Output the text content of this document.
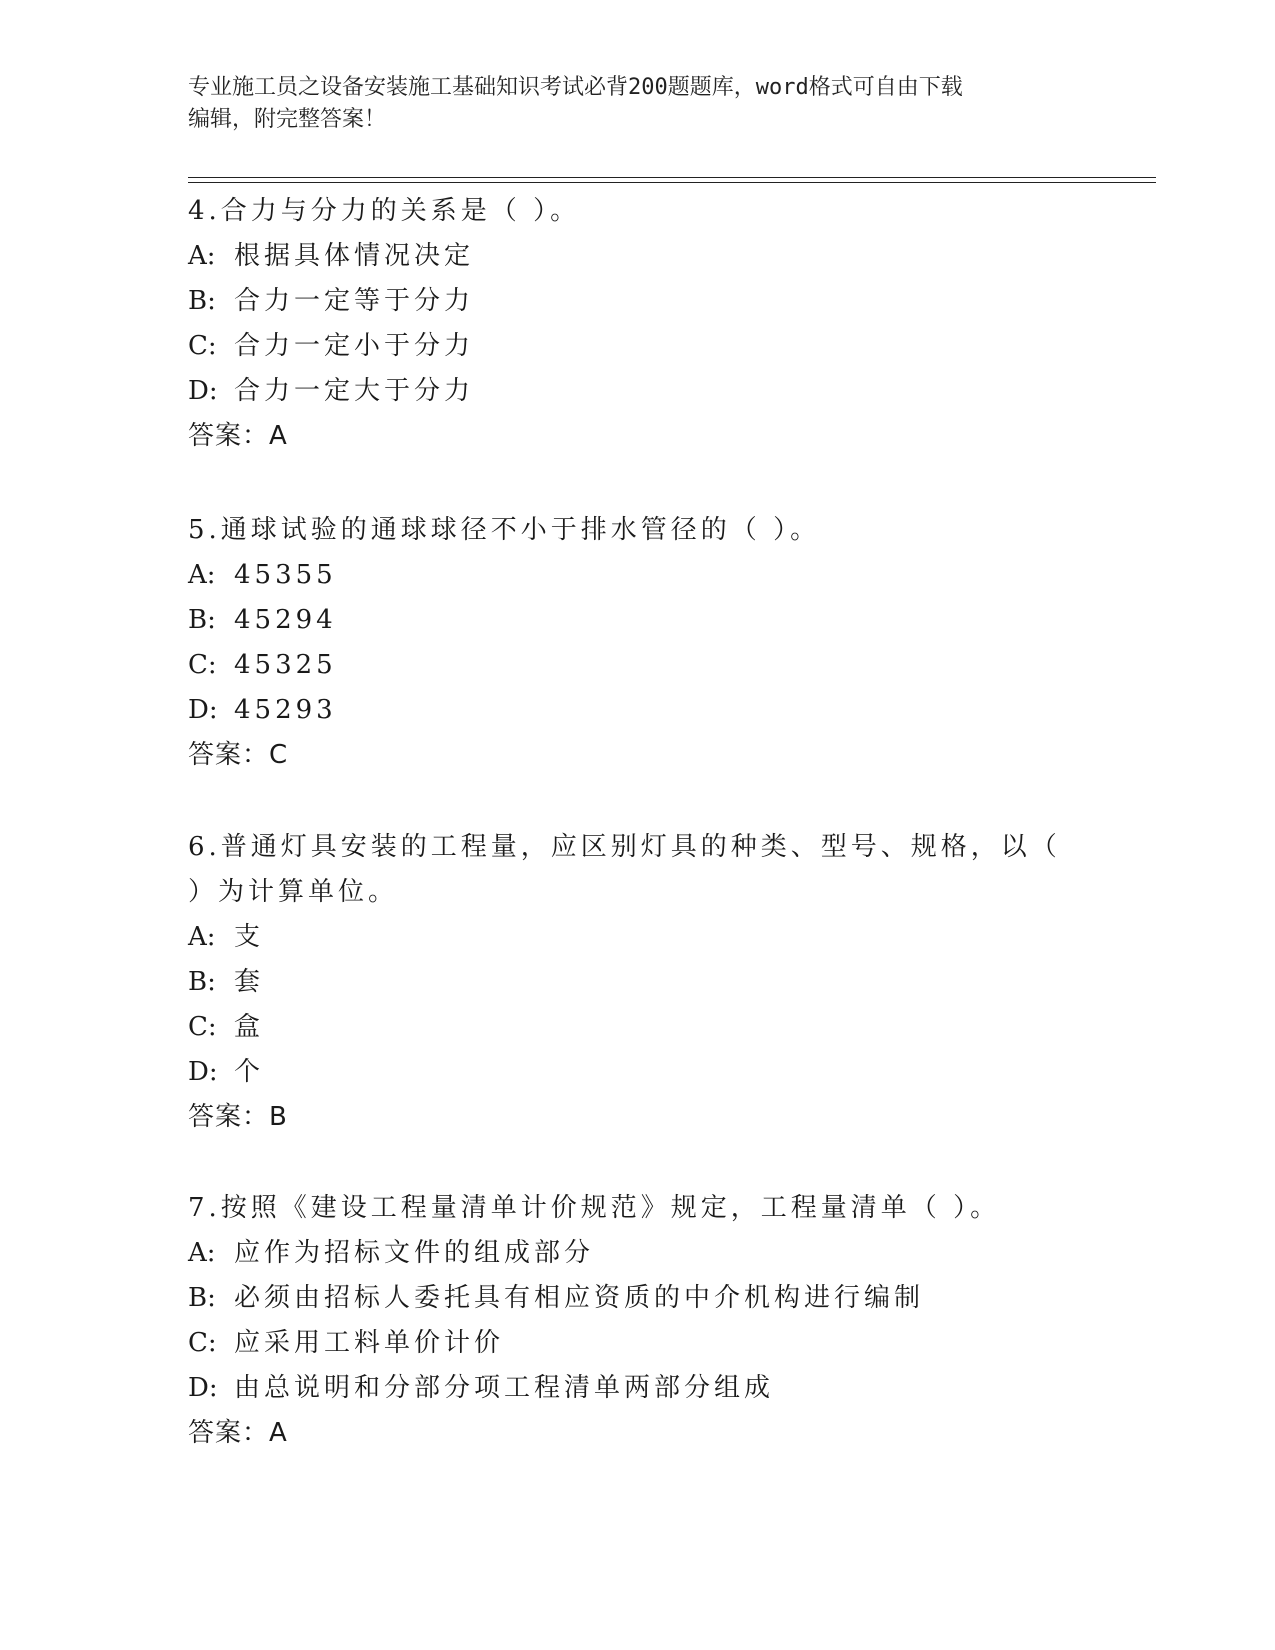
专业施工员之设备安装施工基础知识考试必背200题题库，word格式可自由下载
编辑，附完整答案！

4.合力与分力的关系是（ ）。

A: 根据具体情况决定

B: 合力一定等于分力

C: 合力一定小于分力

D: 合力一定大于分力

答案：A

5.通球试验的通球球径不小于排水管径的（ ）。

A: 45355

B: 45294

C: 45325

D: 45293

答案：C

6.普通灯具安装的工程量，应区别灯具的种类、型号、规格，以（ ）为计算单位。

A: 支

B: 套

C: 盒

D: 个

答案：B

7.按照《建设工程量清单计价规范》规定，工程量清单（ ）。

A: 应作为招标文件的组成部分

B: 必须由招标人委托具有相应资质的中介机构进行编制

C: 应采用工料单价计价

D: 由总说明和分部分项工程清单两部分组成

答案：A
